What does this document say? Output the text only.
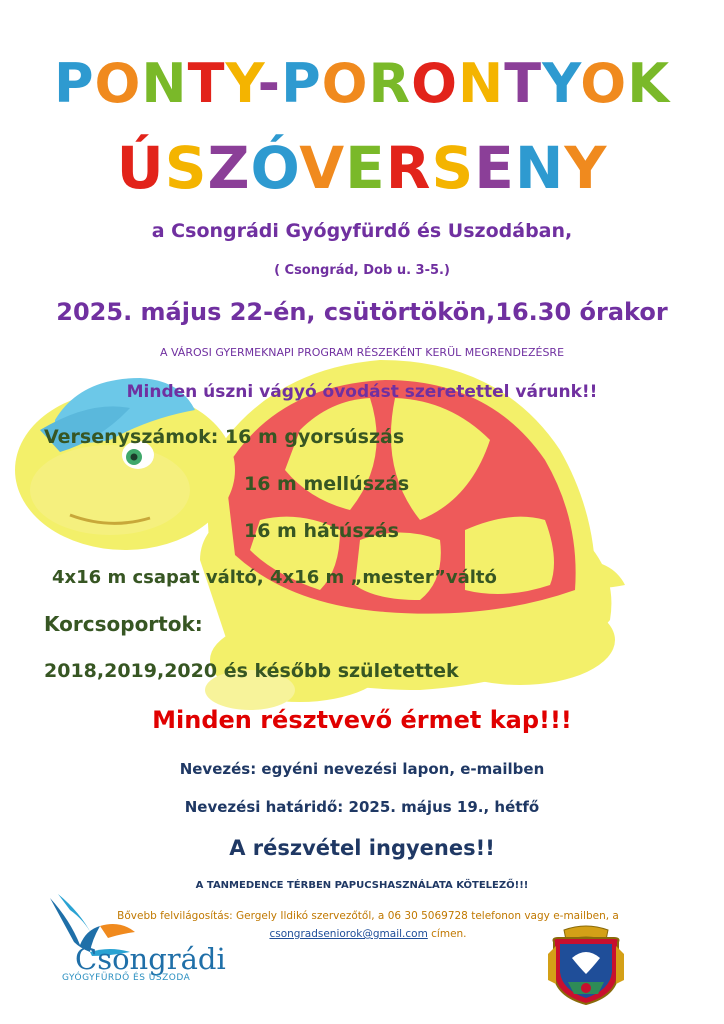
PONTY-PORONTYOK
ÚSZÓVERSENY
a Csongrádi Gyógyfürdő és Uszodában,
( Csongrád, Dob u. 3-5.)
2025. május 22-én, csütörtökön,16.30 órakor
A VÁROSI GYERMEKNAPI PROGRAM RÉSZEKÉNT KERÜL MEGRENDEZÉSRE
Minden úszni vágyó óvodást szeretettel várunk!!
Versenyszámok: 16 m gyorsúszás
16 m mellúszás
16 m hátúszás
4x16 m csapat váltó, 4x16 m „mester”váltó
Korcsoportok:
2018,2019,2020 és később születettek
Minden résztvevő érmet kap!!!
Nevezés: egyéni nevezési lapon, e-mailben
Nevezési határidő: 2025. május 19., hétfő
A részvétel ingyenes!!
A TANMEDENCE TÉRBEN PAPUCSHASZNÁLATA KÖTELEZŐ!!!
Bővebb felvilágosítás: Gergely Ildikó szervezőtől, a 06 30 5069728 telefonon vagy e-mailben, a
csongradseniorok@gmail.com címen.
Csongrádi
GYÓGYFÜRDŐ ÉS USZODA
